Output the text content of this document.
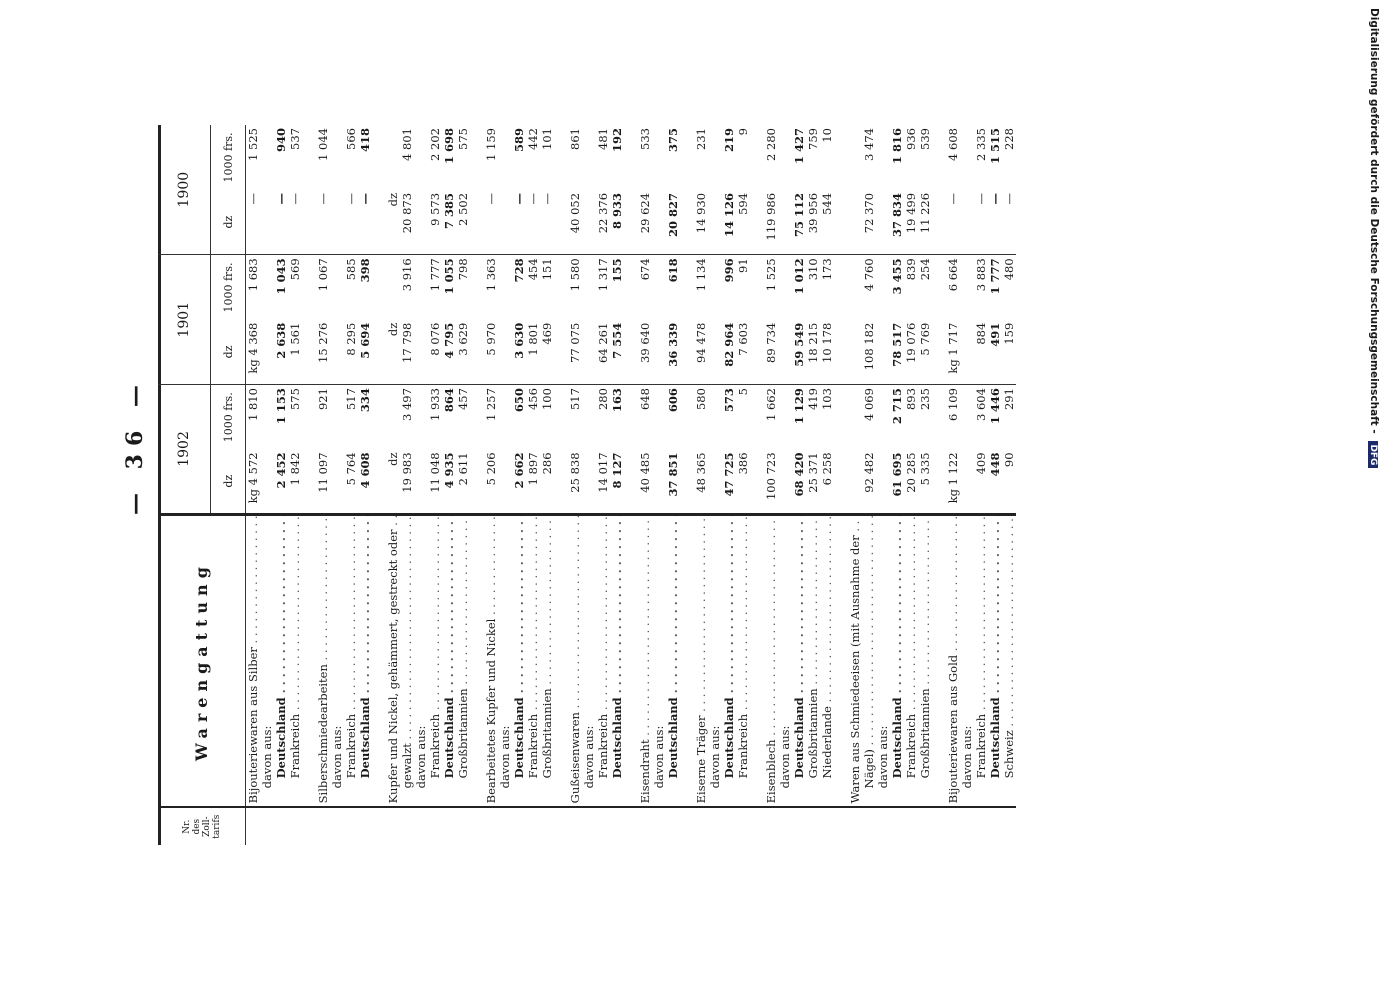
— 36 —
Nr. des Zoll-tarifs	Warengattung	1902		1901		1900	
		dz	1000 frs.	dz	1000 frs.	dz	1000 frs.
	Bijouteriewaren aus Silber . . .	kg 4 572	1 810	kg 4 368	1 683	—	1 525
	davon aus:						
	Deutschland . . .	2 452	1 153	2 638	1 043	—	940
	Frankreich . . .	1 842	575	1 561	569	—	537

	Silberschmiedearbeiten . . .	11 097	921	15 276	1 067	—	1 044
	davon aus:						
	Frankreich . . .	5 764	517	8 295	585	—	566
	Deutschland . . .	4 608	334	5 694	398	—	418

	Kupfer und Nickel, gehämmert, gestreckt oder . . .	dz		dz		dz	
	gewalzt . . .	19 983	3 497	17 798	3 916	20 873	4 801
	davon aus:						
	Frankreich . . .	11 048	1 933	8 076	1 777	9 573	2 202
	Deutschland . . .	4 935	864	4 795	1 055	7 385	1 698
	Großbritannien . . .	2 611	457	3 629	798	2 502	575

	Bearbeitetes Kupfer und Nickel . . .	5 206	1 257	5 970	1 363	—	1 159
	davon aus:						
	Deutschland . . .	2 662	650	3 630	728	—	589
	Frankreich . . .	1 897	456	1 801	454	—	442
	Großbritannien . . .	286	100	469	151	—	101

	Gußeisenwaren . . .	25 838	517	77 075	1 580	40 052	861
	davon aus:						
	Frankreich . . .	14 017	280	64 261	1 317	22 376	481
	Deutschland . . .	8 127	163	7 554	155	8 933	192

	Eisendraht . . .	40 485	648	39 640	674	29 624	533
	davon aus:						
	Deutschland . . .	37 851	606	36 339	618	20 827	375

	Eiserne Träger . . .	48 365	580	94 478	1 134	14 930	231
	davon aus:						
	Deutschland . . .	47 725	573	82 964	996	14 126	219
	Frankreich . . .	386	5	7 603	91	594	9

	Eisenblech . . .	100 723	1 662	89 734	1 525	119 986	2 280
	davon aus:						
	Deutschland . . .	68 420	1 129	59 549	1 012	75 112	1 427
	Großbritannien . . .	25 371	419	18 215	310	39 956	759
	Niederlande . . .	6 258	103	10 178	173	544	10

	Waren aus Schmiedeeisen (mit Ausnahme der . . .						
	Nägel) . . .	92 482	4 069	108 182	4 760	72 370	3 474
	davon aus:						
	Deutschland . . .	61 695	2 715	78 517	3 455	37 834	1 816
	Frankreich . . .	20 285	893	19 076	839	19 499	936
	Großbritannien . . .	5 335	235	5 769	254	11 226	539

	Bijouteriewaren aus Gold . . .	kg 1 122	6 109	kg 1 717	6 664	—	4 608
	davon aus:						
	Frankreich . . .	409	3 604	884	3 883	—	2 335
	Deutschland . . .	448	1 446	491	1 777	—	1 515
	Schweiz . . .	90	291	159	480	—	228	Digitalisierung gefördert durch die Deutsche Forschungsgemeinschaft - DFG
